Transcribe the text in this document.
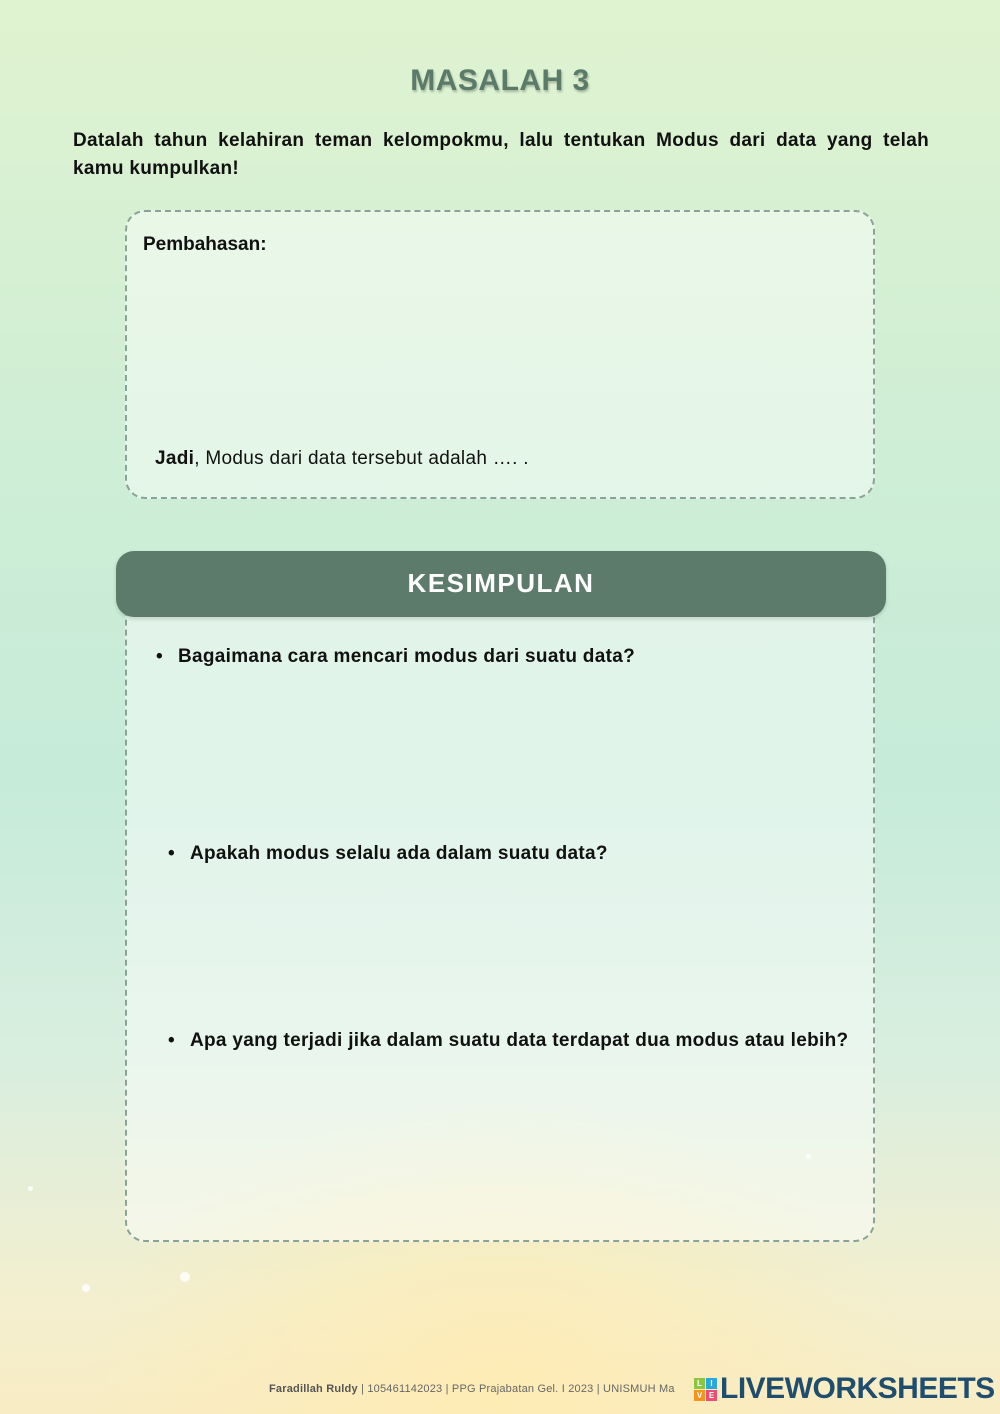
MASALAH 3

Datalah tahun kelahiran teman kelompokmu, lalu tentukan Modus dari data yang telah kamu kumpulkan!

Pembahasan:
Jadi, Modus dari data tersebut adalah …. .
KESIMPULAN

• Bagaimana cara mencari modus dari suatu data?

• Apakah modus selalu ada dalam suatu data?

• Apa yang terjadi jika dalam suatu data terdapat dua modus atau lebih?

Faradillah Ruldy | 105461142023 | PPG Prajabatan Gel. I 2023 | UNISMUH Ma	L	I
V E LIVEWORKSHEETS
